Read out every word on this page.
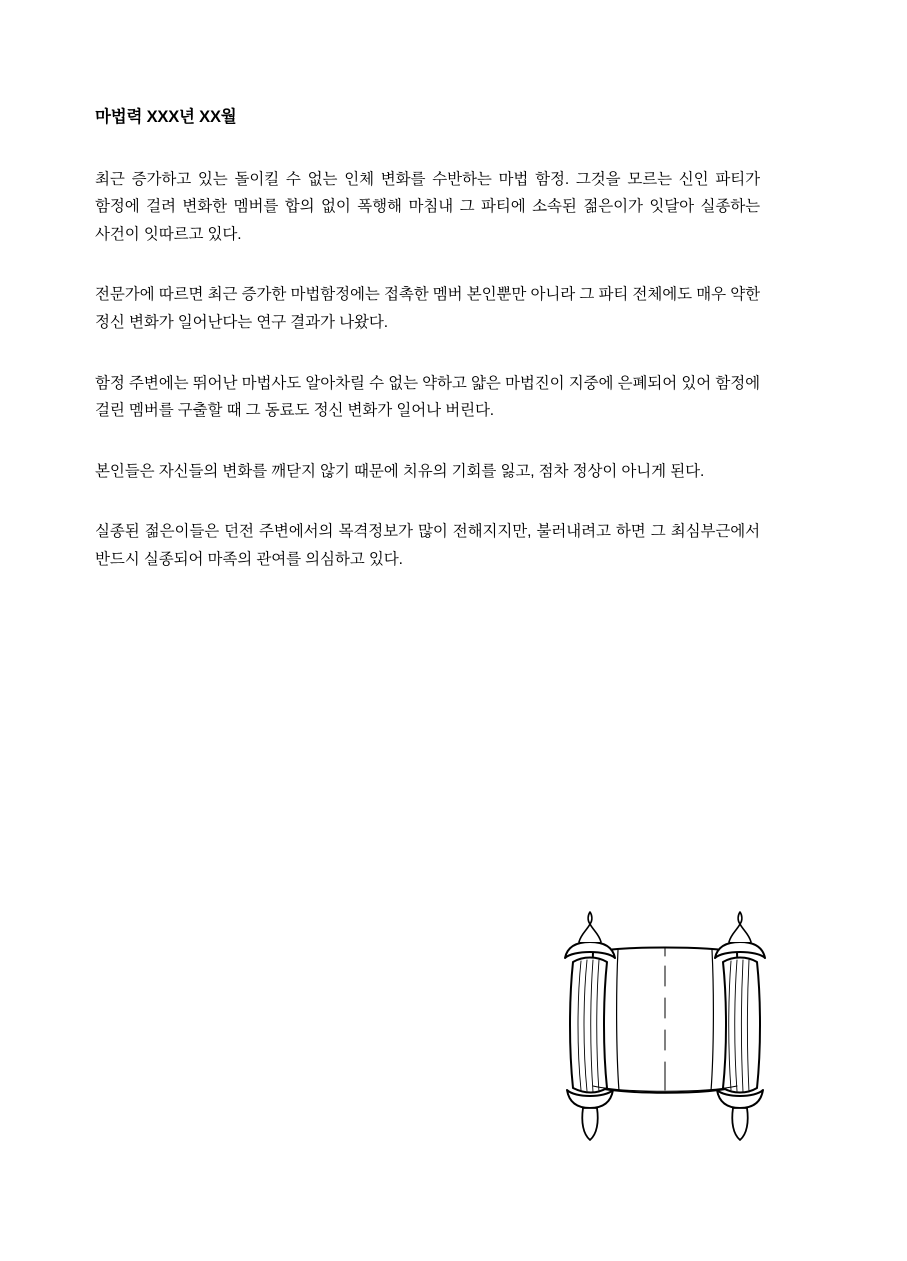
마법력 XXX년 XX월

최근 증가하고 있는 돌이킬 수 없는 인체 변화를 수반하는 마법 함정. 그것을 모르는 신인 파티가 함정에 걸려 변화한 멤버를 합의 없이 폭행해 마침내 그 파티에 소속된 젊은이가 잇달아 실종하는 사건이 잇따르고 있다.

전문가에 따르면 최근 증가한 마법함정에는 접촉한 멤버 본인뿐만 아니라 그 파티 전체에도 매우 약한 정신 변화가 일어난다는 연구 결과가 나왔다.

함정 주변에는 뛰어난 마법사도 알아차릴 수 없는 약하고 얇은 마법진이 지중에 은폐되어 있어 함정에 걸린 멤버를 구출할 때 그 동료도 정신 변화가 일어나 버린다.

본인들은 자신들의 변화를 깨닫지 않기 때문에 치유의 기회를 잃고, 점차 정상이 아니게 된다.

실종된 젊은이들은 던전 주변에서의 목격정보가 많이 전해지지만, 불러내려고 하면 그 최심부근에서 반드시 실종되어 마족의 관여를 의심하고 있다.
